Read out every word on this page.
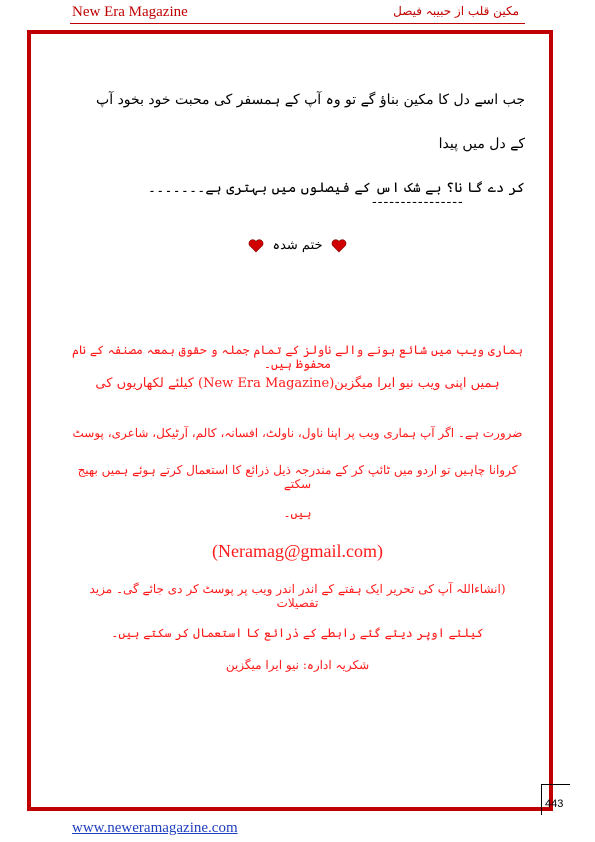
New Era Magazine	مکین قلب از حبیبہ فیصل
جب اسے دل کا مکین بناؤ گے تو وہ آپ کے ہمسفر کی محبت خود بخود آپ کے دل میں پیدا
کر دے گا نا؟ بے شک اس کے فیصلوں میں بہتری ہے۔۔۔۔۔۔۔
----------------
ختم شدہ
ہماری ویب میں شائع ہونے والے ناولز کے تمام جملہ و حقوق بمعہ مصنفہ کے نام محفوظ ہیں۔
ہمیں اپنی ویب نیو ایرا میگزین(New Era Magazine) کیلئے لکھاریوں کی
ضرورت ہے۔ اگر آپ ہماری ویب پر اپنا ناول، ناولٹ، افسانہ، کالم، آرٹیکل، شاعری، پوسٹ
کروانا چاہیں تو اردو میں ٹائپ کر کے مندرجہ ذیل ذرائع کا استعمال کرتے ہوئے ہمیں بھیج سکتے
ہیں۔
(Neramag@gmail.com)
(انشاءاللہ آپ کی تحریر ایک ہفتے کے اندر اندر ویب پر پوسٹ کر دی جائے گی۔ مزید تفصیلات
کیلئے اوپر دیئے گئے رابطے کے ذرائع کا استعمال کر سکتے ہیں۔
شکریہ ادارہ: نیو ایرا میگزین
443
www.neweramagazine.com
